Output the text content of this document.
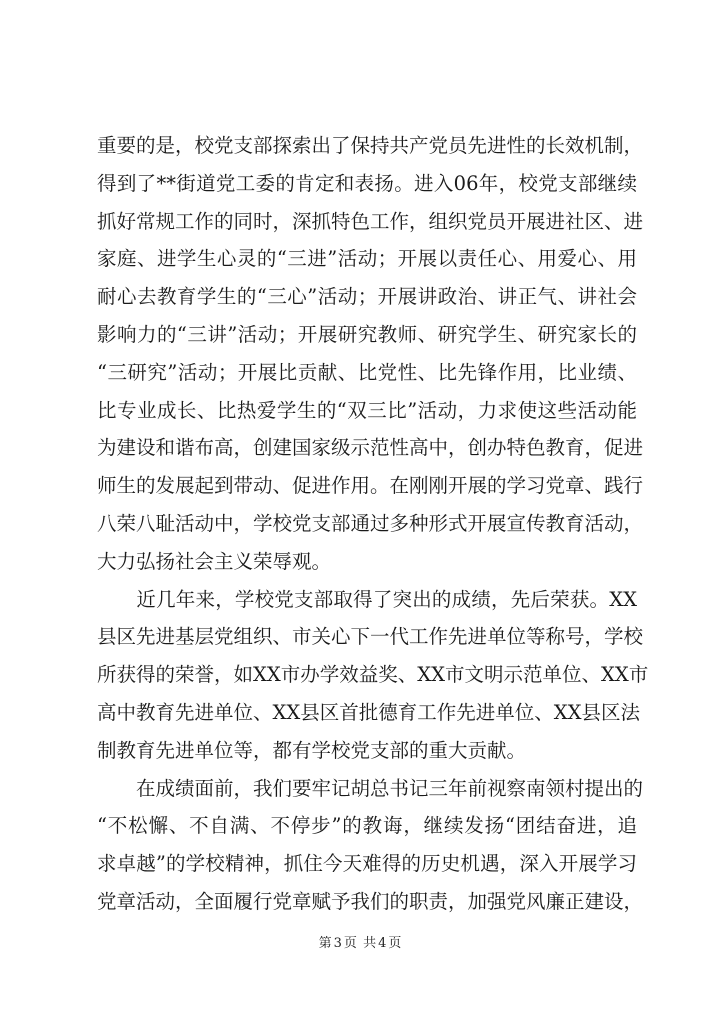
重要的是，校党支部探索出了保持共产党员先进性的长效机制，
得到了**街道党工委的肯定和表扬。进入06年，校党支部继续
抓好常规工作的同时，深抓特色工作，组织党员开展进社区、进
家庭、进学生心灵的“三进”活动；开展以责任心、用爱心、用
耐心去教育学生的“三心”活动；开展讲政治、讲正气、讲社会
影响力的“三讲”活动；开展研究教师、研究学生、研究家长的
“三研究”活动；开展比贡献、比党性、比先锋作用，比业绩、
比专业成长、比热爱学生的“双三比”活动，力求使这些活动能
为建设和谐布高，创建国家级示范性高中，创办特色教育，促进
师生的发展起到带动、促进作用。在刚刚开展的学习党章、践行
八荣八耻活动中，学校党支部通过多种形式开展宣传教育活动，
大力弘扬社会主义荣辱观。
　　近几年来，学校党支部取得了突出的成绩，先后荣获。XX
县区先进基层党组织、市关心下一代工作先进单位等称号，学校
所获得的荣誉，如XX市办学效益奖、XX市文明示范单位、XX市
高中教育先进单位、XX县区首批德育工作先进单位、XX县区法
制教育先进单位等，都有学校党支部的重大贡献。
　　在成绩面前，我们要牢记胡总书记三年前视察南领村提出的
“不松懈、不自满、不停步”的教诲，继续发扬“团结奋进，追
求卓越”的学校精神，抓住今天难得的历史机遇，深入开展学习
党章活动，全面履行党章赋予我们的职责，加强党风廉正建设，
第 3 页 共 4 页
